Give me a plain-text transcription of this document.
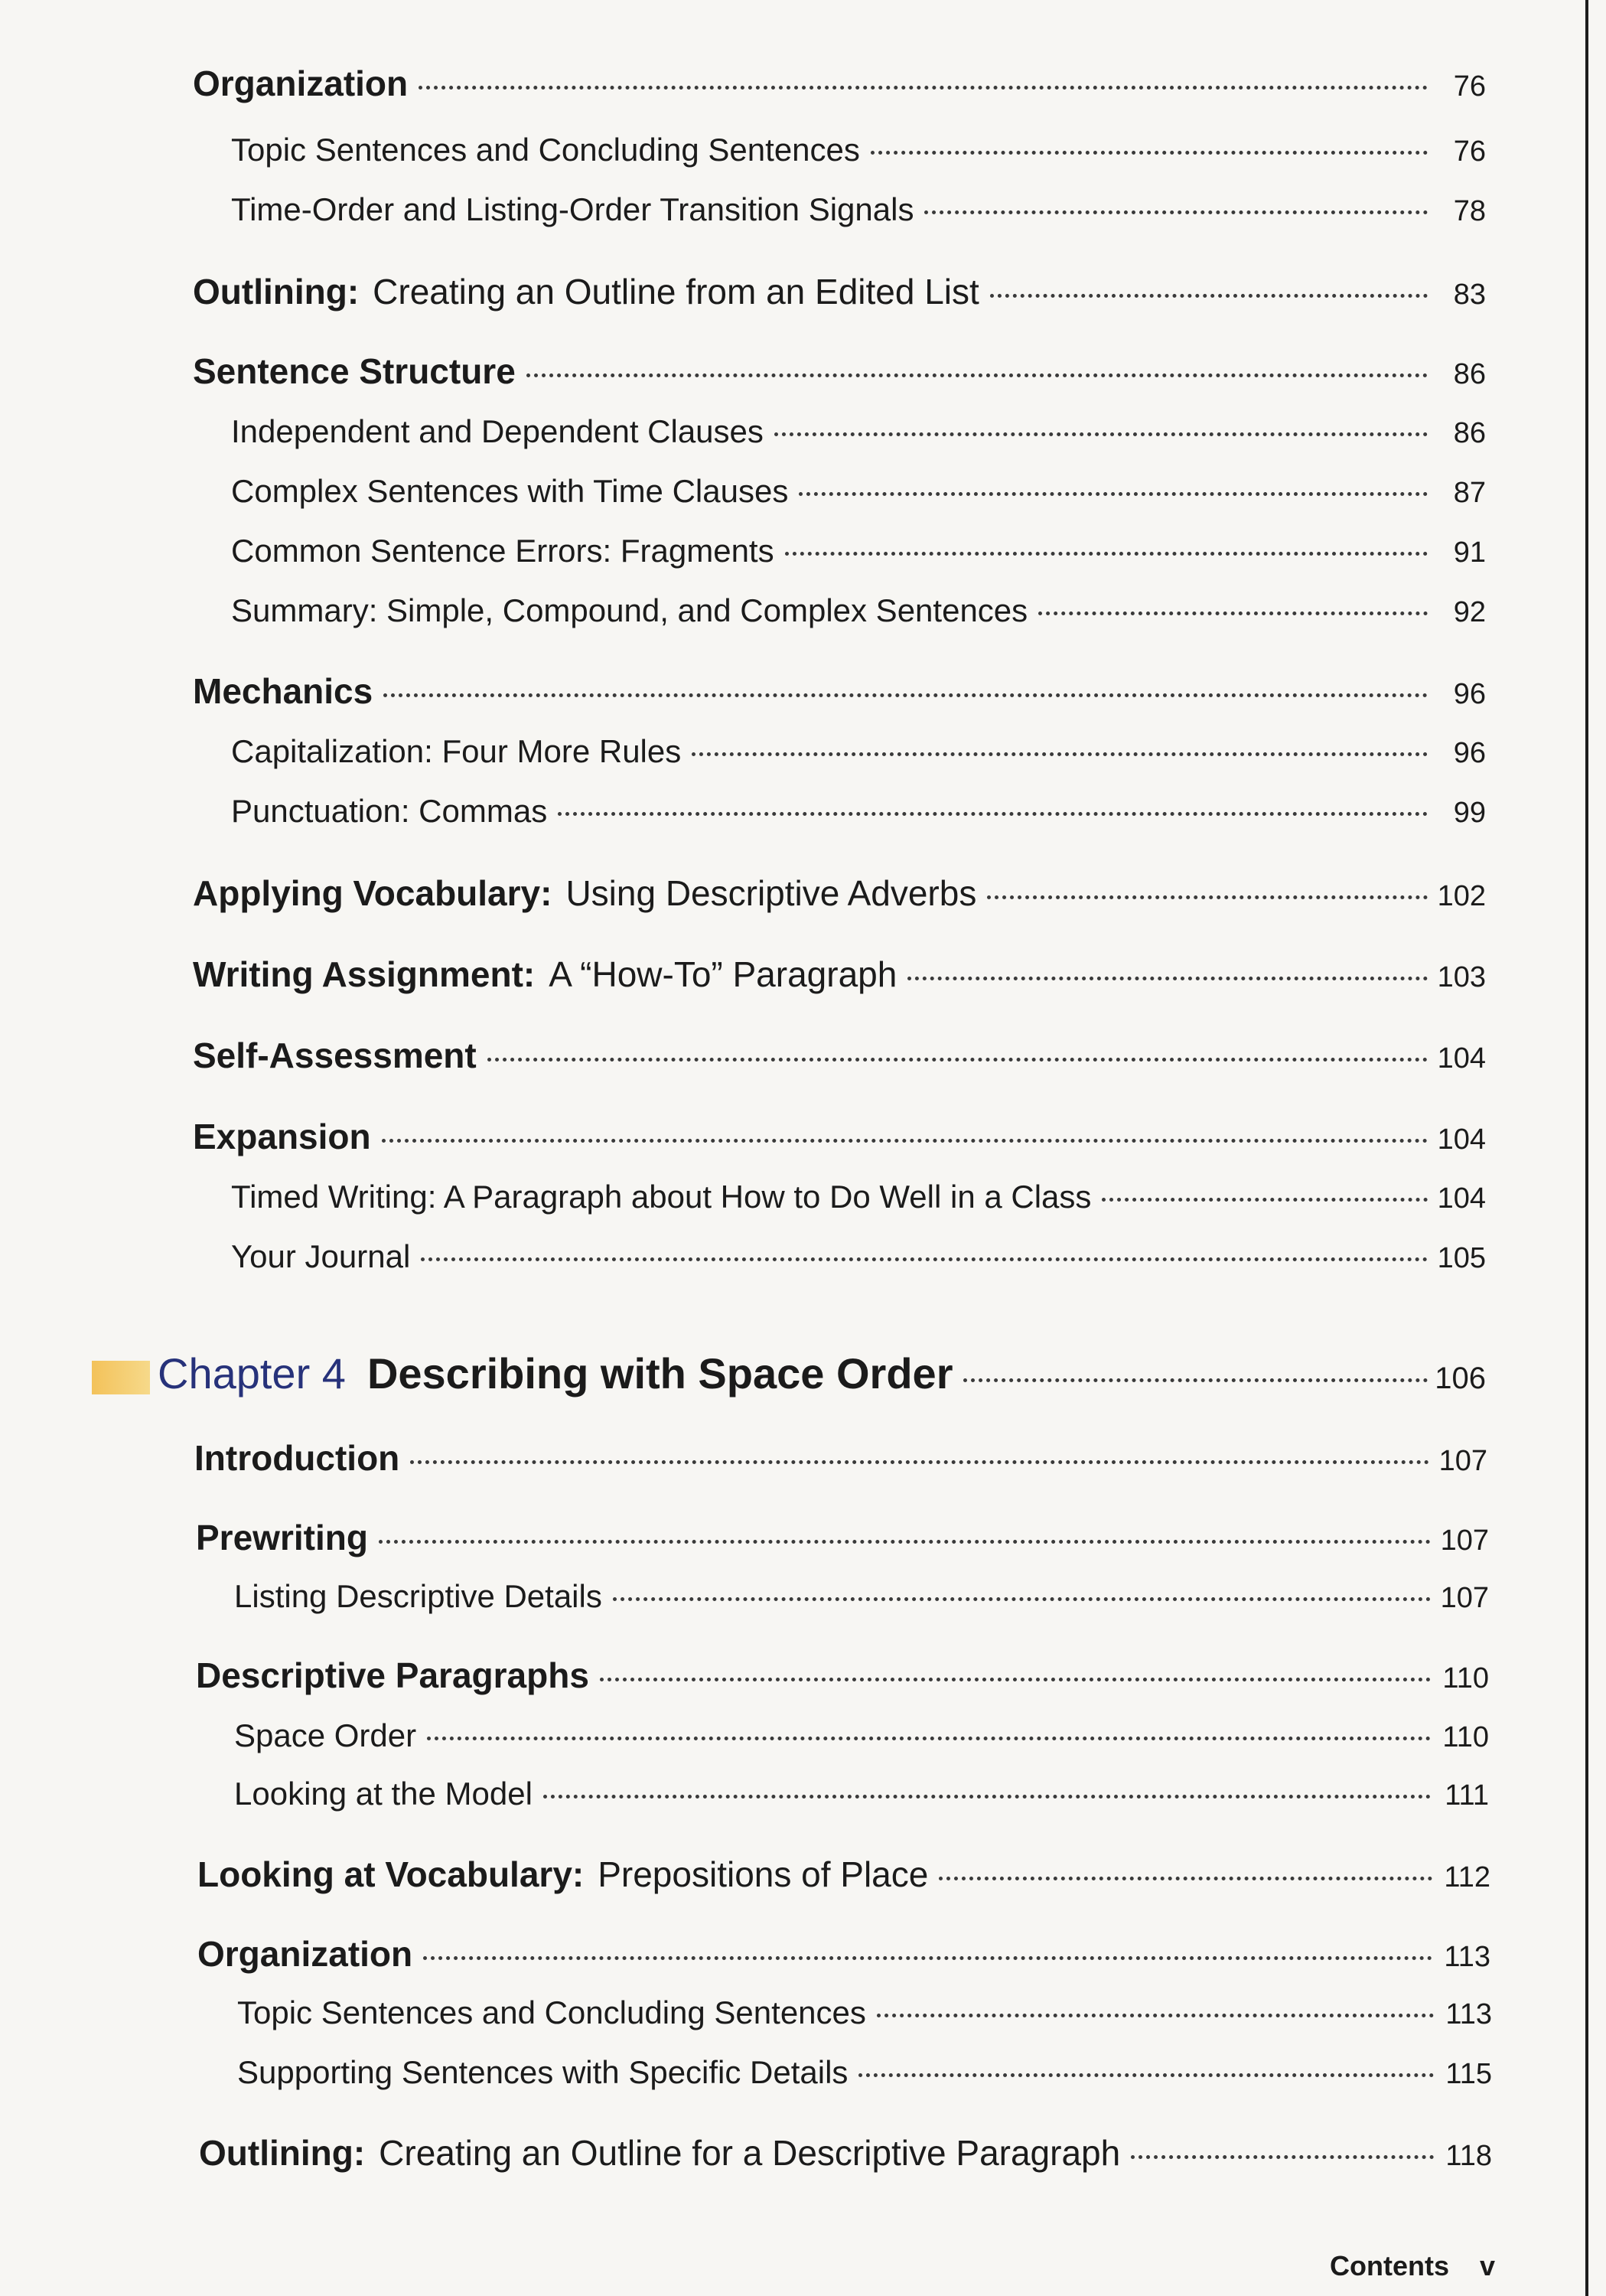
Organization	76
Topic Sentences and Concluding Sentences	76
Time-Order and Listing-Order Transition Signals	78
Outlining: Creating an Outline from an Edited List	83
Sentence Structure	86
Independent and Dependent Clauses	86
Complex Sentences with Time Clauses	87
Common Sentence Errors: Fragments	91
Summary: Simple, Compound, and Complex Sentences	92
Mechanics	96
Capitalization: Four More Rules	96
Punctuation: Commas	99
Applying Vocabulary: Using Descriptive Adverbs	102
Writing Assignment: A “How-To” Paragraph	103
Self-Assessment	104
Expansion	104
Timed Writing: A Paragraph about How to Do Well in a Class	104
Your Journal	105
Chapter 4 Describing with Space Order	106
Introduction	107
Prewriting	107
Listing Descriptive Details	107
Descriptive Paragraphs	110
Space Order	110
Looking at the Model	111
Looking at Vocabulary: Prepositions of Place	112
Organization	113
Topic Sentences and Concluding Sentences	113
Supporting Sentences with Specific Details	115
Outlining: Creating an Outline for a Descriptive Paragraph	118
Contents v
